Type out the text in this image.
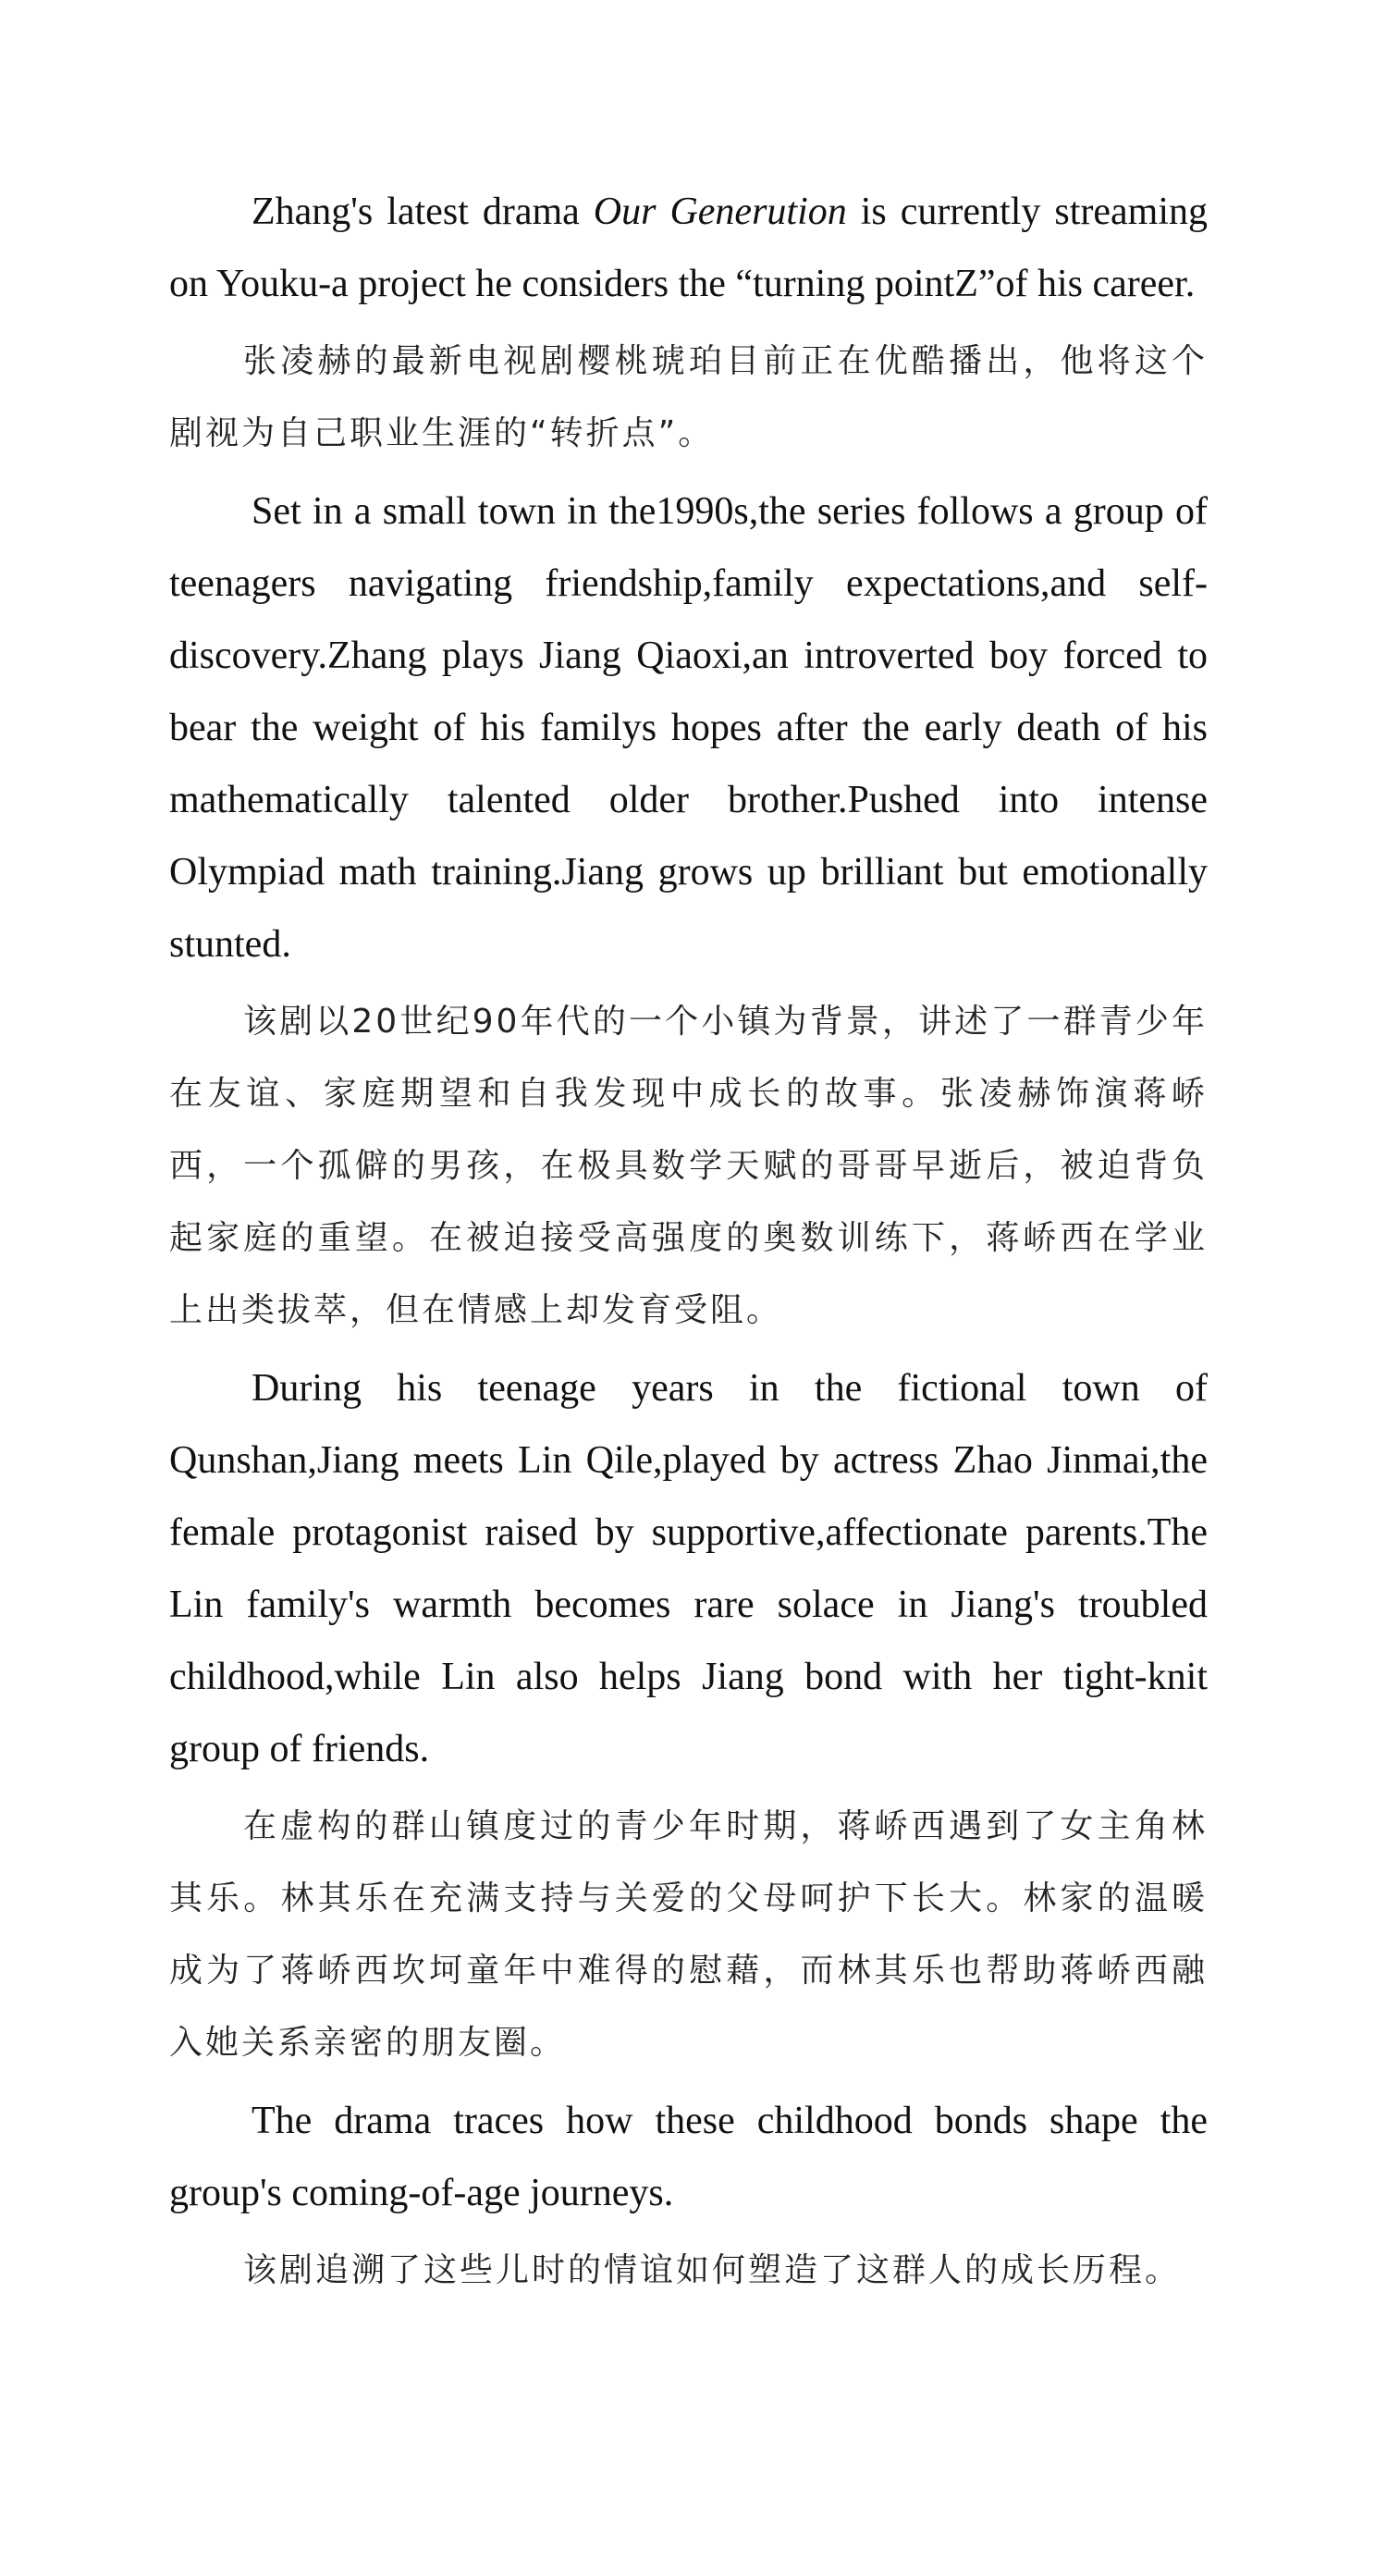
Zhang's latest drama Our Generution is currently streaming on Youku-a project he considers the “turning pointZ”of his career.

张凌赫的最新电视剧樱桃琥珀目前正在优酷播出，他将这个剧视为自己职业生涯的“转折点”。

Set in a small town in the1990s,the series follows a group of teenagers navigating friendship,family expectations,and self-discovery.Zhang plays Jiang Qiaoxi,an introverted boy forced to bear the weight of his familys hopes after the early death of his mathematically talented older brother.Pushed into intense Olympiad math training.Jiang grows up brilliant but emotionally stunted.

该剧以20世纪90年代的一个小镇为背景，讲述了一群青少年在友谊、家庭期望和自我发现中成长的故事。张凌赫饰演蒋峤西，一个孤僻的男孩，在极具数学天赋的哥哥早逝后，被迫背负起家庭的重望。在被迫接受高强度的奥数训练下，蒋峤西在学业上出类拔萃，但在情感上却发育受阻。

During his teenage years in the fictional town of Qunshan,Jiang meets Lin Qile,played by actress Zhao Jinmai,the female protagonist raised by supportive,affectionate parents.The Lin family's warmth becomes rare solace in Jiang's troubled childhood,while Lin also helps Jiang bond with her tight-knit group of friends.

在虚构的群山镇度过的青少年时期，蒋峤西遇到了女主角林其乐。林其乐在充满支持与关爱的父母呵护下长大。林家的温暖成为了蒋峤西坎坷童年中难得的慰藉，而林其乐也帮助蒋峤西融入她关系亲密的朋友圈。

The drama traces how these childhood bonds shape the group's coming-of-age journeys.

该剧追溯了这些儿时的情谊如何塑造了这群人的成长历程。
